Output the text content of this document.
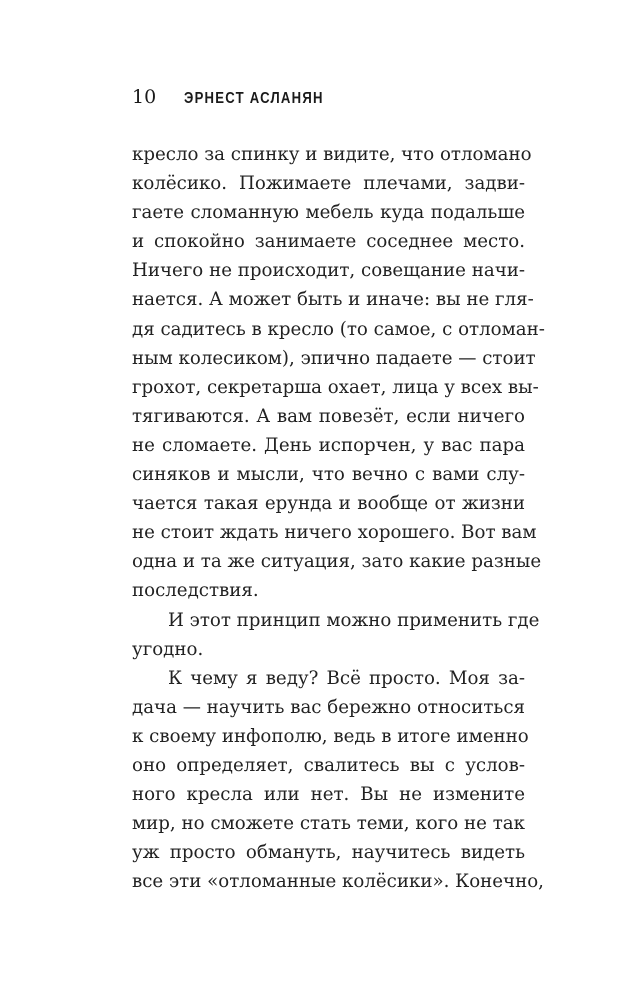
10	ЭРНЕСТ АСЛАНЯН
кресло за спинку и видите, что отломано
колёсико. Пожимаете плечами, задви-
гаете сломанную мебель куда подальше
и спокойно занимаете соседнее место.
Ничего не происходит, совещание начи-
нается. А может быть и иначе: вы не гля-
дя садитесь в кресло (то самое, с отломан-
ным колесиком), эпично падаете — стоит
грохот, секретарша охает, лица у всех вы-
тягиваются. А вам повезёт, если ничего
не сломаете. День испорчен, у вас пара
синяков и мысли, что вечно с вами слу-
чается такая ерунда и вообще от жизни
не стоит ждать ничего хорошего. Вот вам
одна и та же ситуация, зато какие разные
последствия.
И этот принцип можно применить где
угодно.
К чему я веду? Всё просто. Моя за-
дача — научить вас бережно относиться
к своему инфополю, ведь в итоге именно
оно определяет, свалитесь вы с услов-
ного кресла или нет. Вы не измените
мир, но сможете стать теми, кого не так
уж просто обмануть, научитесь видеть
все эти «отломанные колёсики». Конечно,
